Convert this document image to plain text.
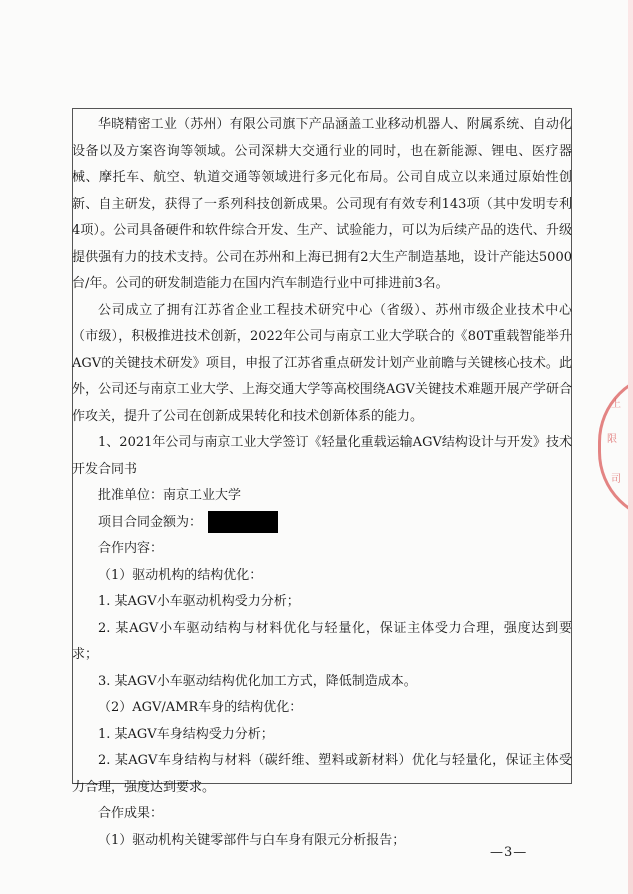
华晓精密工业（苏州）有限公司旗下产品涵盖工业移动机器人、附属系统、自动化设备以及方案咨询等领域。公司深耕大交通行业的同时，也在新能源、锂电、医疗器械、摩托车、航空、轨道交通等领域进行多元化布局。公司自成立以来通过原始性创新、自主研发，获得了一系列科技创新成果。公司现有有效专利143项（其中发明专利4项）。公司具备硬件和软件综合开发、生产、试验能力，可以为后续产品的迭代、升级提供强有力的技术支持。公司在苏州和上海已拥有2大生产制造基地，设计产能达5000台/年。公司的研发制造能力在国内汽车制造行业中可排进前3名。

公司成立了拥有江苏省企业工程技术研究中心（省级）、苏州市级企业技术中心（市级），积极推进技术创新，2022年公司与南京工业大学联合的《80T重载智能举升AGV的关键技术研发》项目，申报了江苏省重点研发计划产业前瞻与关键核心技术。此外，公司还与南京工业大学、上海交通大学等高校围绕AGV关键技术难题开展产学研合作攻关，提升了公司在创新成果转化和技术创新体系的能力。

1、2021年公司与南京工业大学签订《轻量化重载运输AGV结构设计与开发》技术开发合同书

批准单位：南京工业大学

项目合同金额为：

合作内容：

（1）驱动机构的结构优化：

1. 某AGV小车驱动机构受力分析；

2. 某AGV小车驱动结构与材料优化与轻量化，保证主体受力合理，强度达到要求；

3. 某AGV小车驱动结构优化加工方式，降低制造成本。

（2）AGV/AMR车身的结构优化：

1. 某AGV车身结构受力分析；

2. 某AGV车身结构与材料（碳纤维、塑料或新材料）优化与轻量化，保证主体受力合理，强度达到要求。

合作成果：

（1）驱动机构关键零部件与白车身有限元分析报告；

上
限
司
—3—
